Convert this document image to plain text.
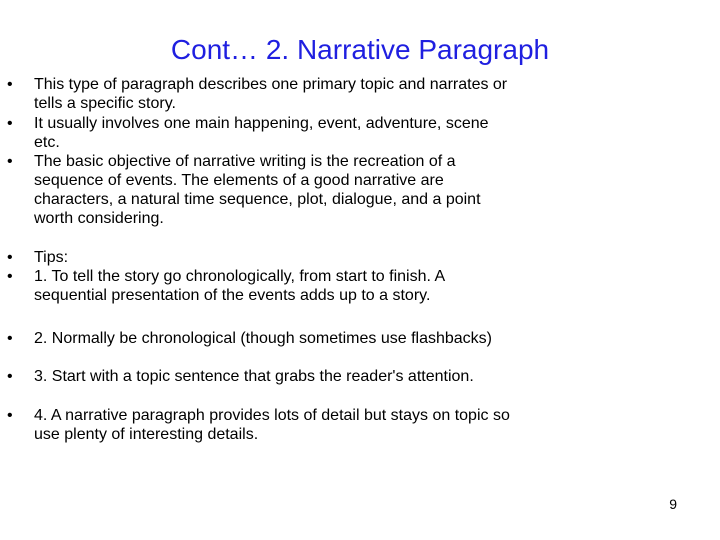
Cont… 2. Narrative Paragraph
• This type of paragraph describes one primary topic and narrates or tells a specific story.
• It usually involves one main happening, event, adventure, scene etc.
• The basic objective of narrative writing is the recreation of a sequence of events. The elements of a good narrative are characters, a natural time sequence, plot, dialogue, and a point worth considering.
• Tips:
• 1. To tell the story go chronologically, from start to finish. A sequential presentation of the events adds up to a story.
• 2. Normally be chronological (though sometimes use flashbacks)
• 3. Start with a topic sentence that grabs the reader's attention.
• 4. A narrative paragraph provides lots of detail but stays on topic so use plenty of interesting details.
9
